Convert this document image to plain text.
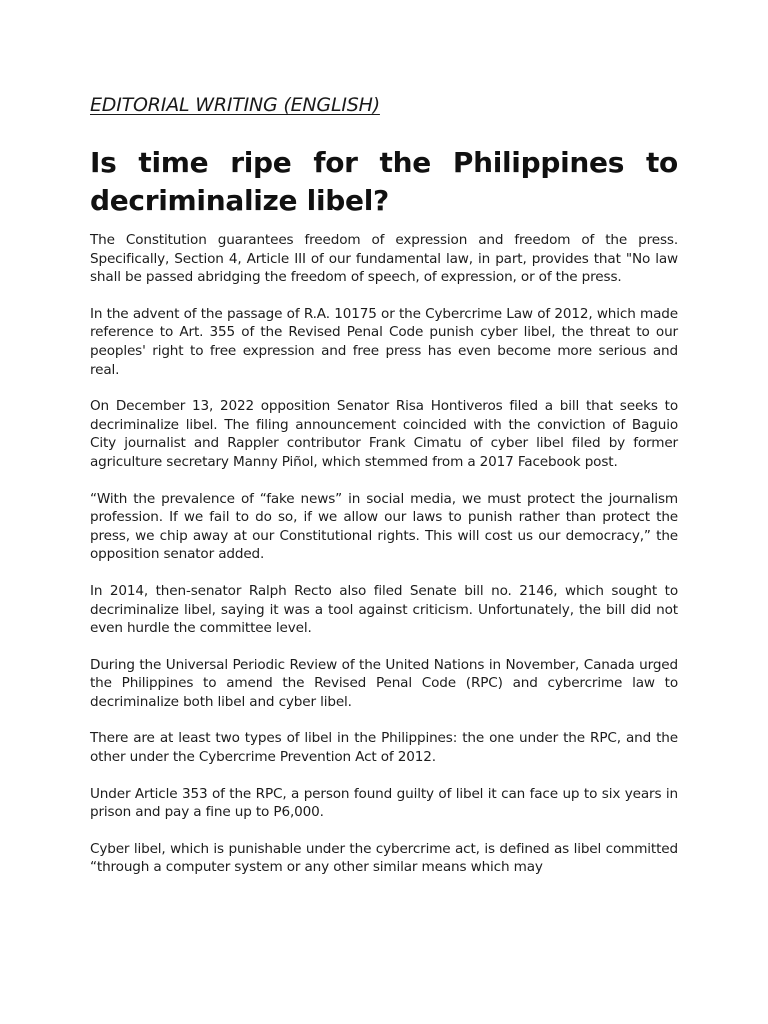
EDITORIAL WRITING (ENGLISH)
Is time ripe for the Philippines to decriminalize libel?

The Constitution guarantees freedom of expression and freedom of the press. Specifically, Section 4, Article III of our fundamental law, in part, provides that "No law shall be passed abridging the freedom of speech, of expression, or of the press.

In the advent of the passage of R.A. 10175 or the Cybercrime Law of 2012, which made reference to Art. 355 of the Revised Penal Code punish cyber libel, the threat to our peoples' right to free expression and free press has even become more serious and real.

On December 13, 2022 opposition Senator Risa Hontiveros filed a bill that seeks to decriminalize libel. The filing announcement coincided with the conviction of Baguio City journalist and Rappler contributor Frank Cimatu of cyber libel filed by former agriculture secretary Manny Piñol, which stemmed from a 2017 Facebook post.

“With the prevalence of “fake news” in social media, we must protect the journalism profession. If we fail to do so, if we allow our laws to punish rather than protect the press, we chip away at our Constitutional rights. This will cost us our democracy,” the opposition senator added.

In 2014, then-senator Ralph Recto also filed Senate bill no. 2146, which sought to decriminalize libel, saying it was a tool against criticism. Unfortunately, the bill did not even hurdle the committee level.

During the Universal Periodic Review of the United Nations in November, Canada urged the Philippines to amend the Revised Penal Code (RPC) and cybercrime law to decriminalize both libel and cyber libel.

There are at least two types of libel in the Philippines: the one under the RPC, and the other under the Cybercrime Prevention Act of 2012.

Under Article 353 of the RPC, a person found guilty of libel it can face up to six years in prison and pay a fine up to P6,000.

Cyber libel, which is punishable under the cybercrime act, is defined as libel committed “through a computer system or any other similar means which may
